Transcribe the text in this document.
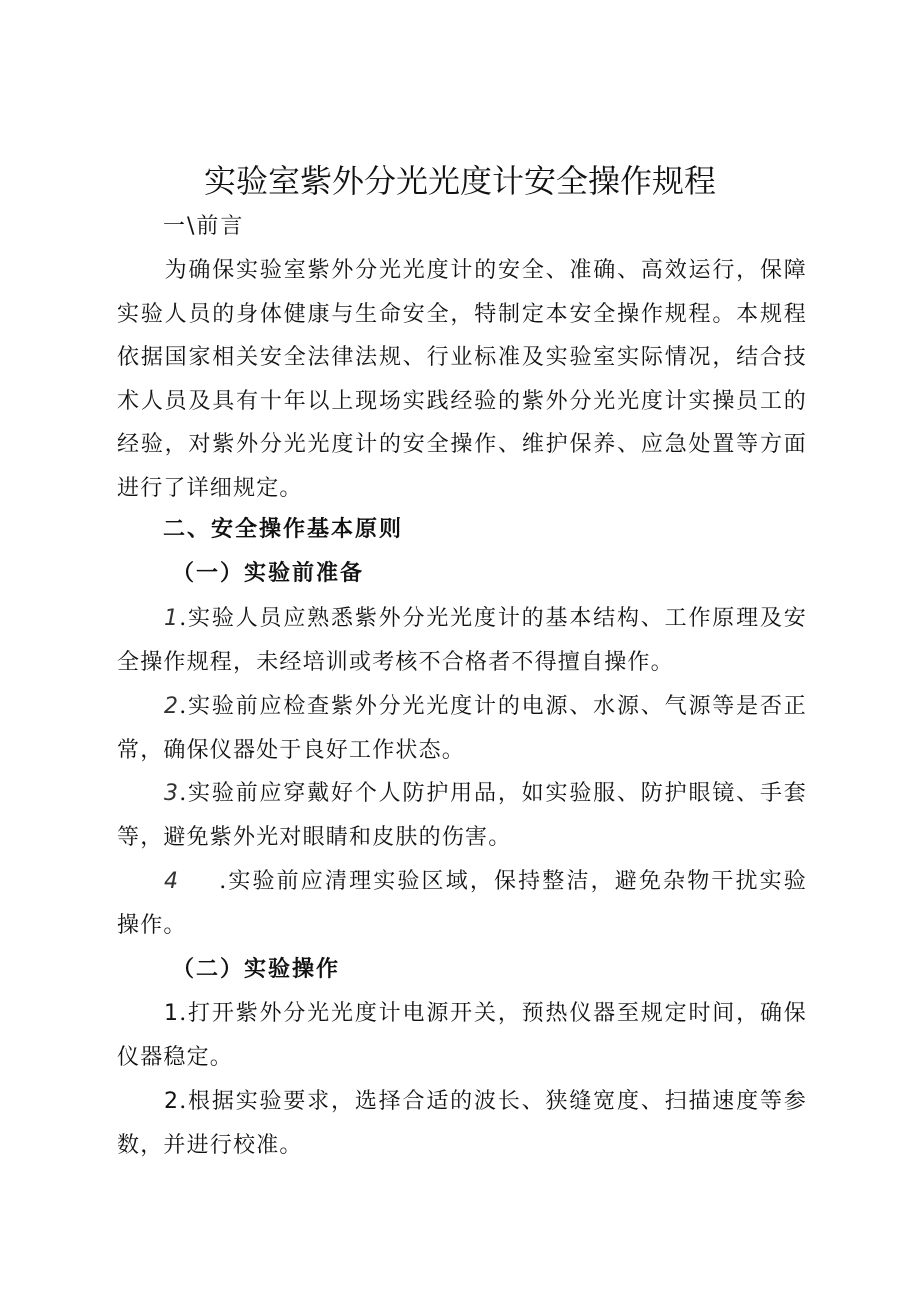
实验室紫外分光光度计安全操作规程
一\前言

为确保实验室紫外分光光度计的安全、准确、高效运行，保障实验人员的身体健康与生命安全，特制定本安全操作规程。本规程依据国家相关安全法律法规、行业标准及实验室实际情况，结合技术人员及具有十年以上现场实践经验的紫外分光光度计实操员工的经验，对紫外分光光度计的安全操作、维护保养、应急处置等方面进行了详细规定。

二、安全操作基本原则
（一）实验前准备

1.实验人员应熟悉紫外分光光度计的基本结构、工作原理及安全操作规程，未经培训或考核不合格者不得擅自操作。

2.实验前应检查紫外分光光度计的电源、水源、气源等是否正常，确保仪器处于良好工作状态。

3.实验前应穿戴好个人防护用品，如实验服、防护眼镜、手套等，避免紫外光对眼睛和皮肤的伤害。

4 .实验前应清理实验区域，保持整洁，避免杂物干扰实验操作。

（二）实验操作

1.打开紫外分光光度计电源开关，预热仪器至规定时间，确保仪器稳定。

2.根据实验要求，选择合适的波长、狭缝宽度、扫描速度等参数，并进行校准。
